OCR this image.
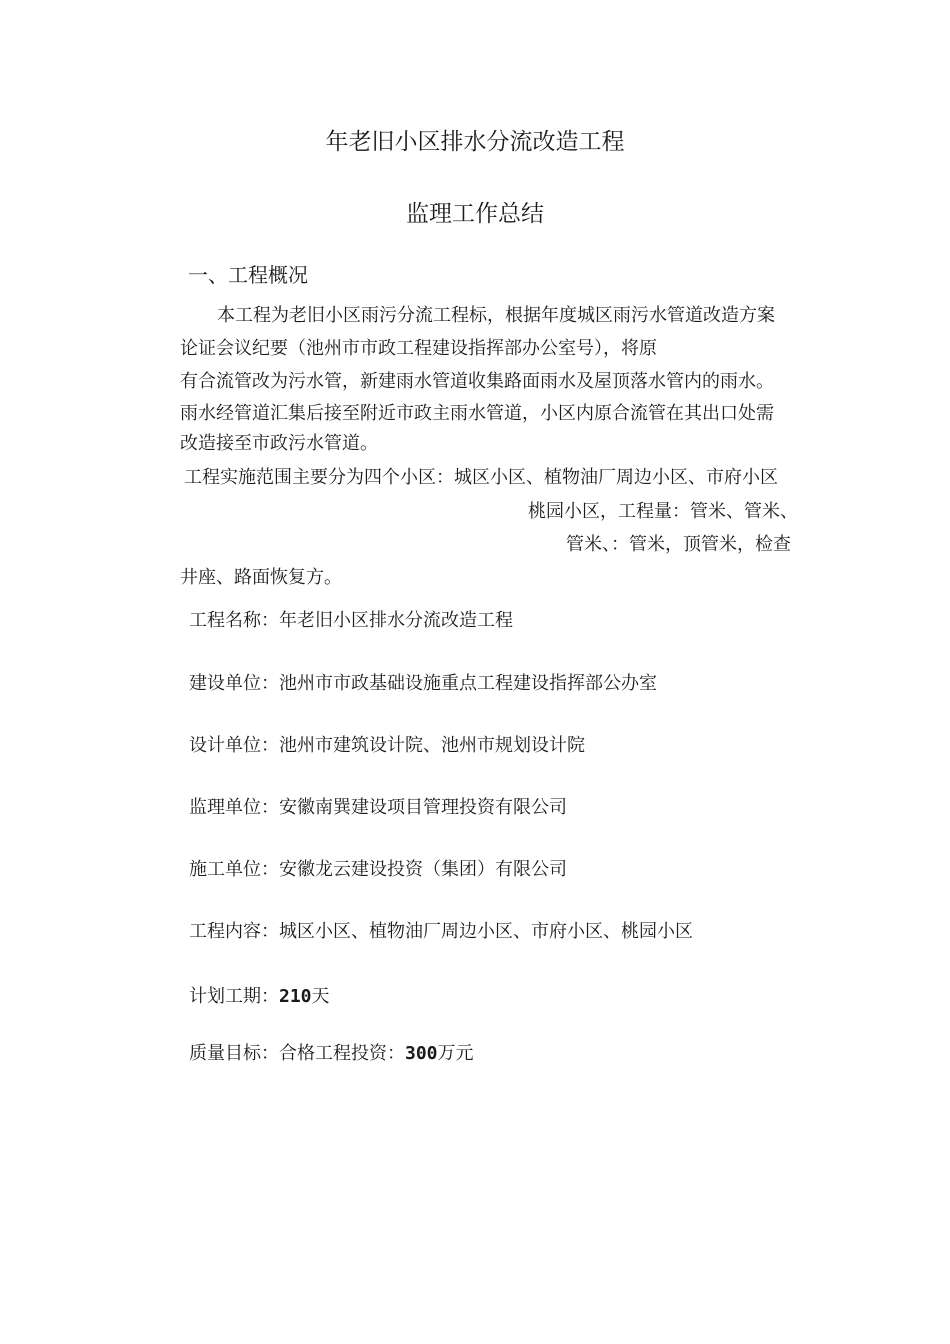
年老旧小区排水分流改造工程
监理工作总结
一、工程概况
本工程为老旧小区雨污分流工程标，根据年度城区雨污水管道改造方案
论证会议纪要（池州市市政工程建设指挥部办公室号），将原
有合流管改为污水管，新建雨水管道收集路面雨水及屋顶落水管内的雨水。
雨水经管道汇集后接至附近市政主雨水管道，小区内原合流管在其出口处需
改造接至市政污水管道。
工程实施范围主要分为四个小区：城区小区、植物油厂周边小区、市府小区
桃园小区，工程量：管米、管米、
管米、：管米，顶管米，检查
井座、路面恢复方。
工程名称：年老旧小区排水分流改造工程
建设单位：池州市市政基础设施重点工程建设指挥部公办室
设计单位：池州市建筑设计院、池州市规划设计院
监理单位：安徽南巽建设项目管理投资有限公司
施工单位：安徽龙云建设投资（集团）有限公司
工程内容：城区小区、植物油厂周边小区、市府小区、桃园小区
计划工期：210天
质量目标：合格工程投资：300万元
